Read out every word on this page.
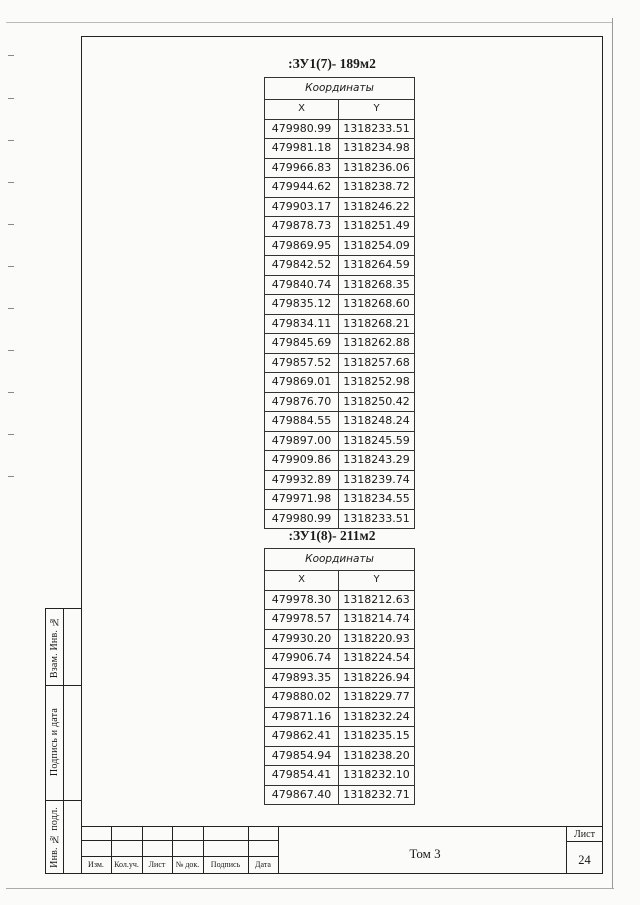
Взам. Инв. №
Подпись и дата
Инв. № подл.
:ЗУ1(7)- 189м2
Координаты	
X	Y
479980.99	1318233.51
479981.18	1318234.98
479966.83	1318236.06
479944.62	1318238.72
479903.17	1318246.22
479878.73	1318251.49
479869.95	1318254.09
479842.52	1318264.59
479840.74	1318268.35
479835.12	1318268.60
479834.11	1318268.21
479845.69	1318262.88
479857.52	1318257.68
479869.01	1318252.98
479876.70	1318250.42
479884.55	1318248.24
479897.00	1318245.59
479909.86	1318243.29
479932.89	1318239.74
479971.98	1318234.55
479980.99	1318233.51
:ЗУ1(8)- 211м2
Координаты	
X	Y
479978.30	1318212.63
479978.57	1318214.74
479930.20	1318220.93
479906.74	1318224.54
479893.35	1318226.94
479880.02	1318229.77
479871.16	1318232.24
479862.41	1318235.15
479854.94	1318238.20
479854.41	1318232.10
479867.40	1318232.71
Изм.	Кол.уч.	Лист	№ док.	Подпись	Дата
Том 3
Лист
24
